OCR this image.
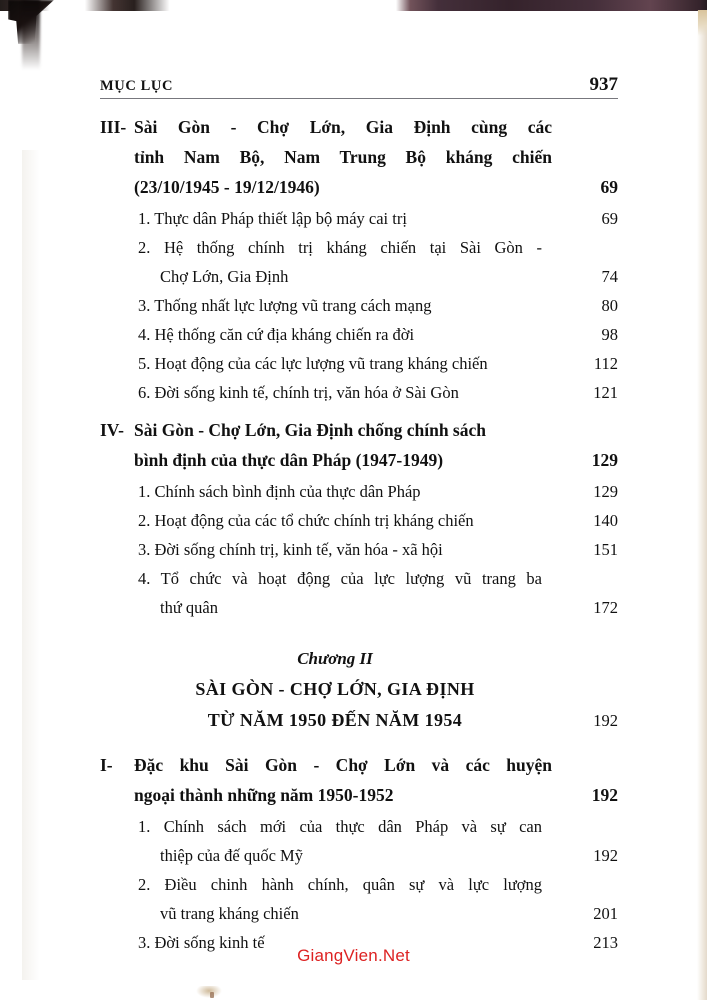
MỤC LỤC	937
III- Sài Gòn - Chợ Lớn, Gia Định cùng các
tỉnh Nam Bộ, Nam Trung Bộ kháng chiến
(23/10/1945 - 19/12/1946)	69
1. Thực dân Pháp thiết lập bộ máy cai trị	69
2. Hệ thống chính trị kháng chiến tại Sài Gòn -
Chợ Lớn, Gia Định	74
3. Thống nhất lực lượng vũ trang cách mạng	80
4. Hệ thống căn cứ địa kháng chiến ra đời	98
5. Hoạt động của các lực lượng vũ trang kháng chiến	112
6. Đời sống kinh tế, chính trị, văn hóa ở Sài Gòn	121
IV- Sài Gòn - Chợ Lớn, Gia Định chống chính sách
bình định của thực dân Pháp (1947-1949)	129
1. Chính sách bình định của thực dân Pháp	129
2. Hoạt động của các tổ chức chính trị kháng chiến	140
3. Đời sống chính trị, kinh tế, văn hóa - xã hội	151
4. Tổ chức và hoạt động của lực lượng vũ trang ba
thứ quân	172
Chương II
SÀI GÒN - CHỢ LỚN, GIA ĐỊNH
TỪ NĂM 1950 ĐẾN NĂM 1954	192
I-	Đặc khu Sài Gòn - Chợ Lớn và các huyện
ngoại thành những năm 1950-1952	192
1. Chính sách mới của thực dân Pháp và sự can
thiệp của đế quốc Mỹ	192
2. Điều chinh hành chính, quân sự và lực lượng
vũ trang kháng chiến	201
3. Đời sống kinh tế	213
GiangVien.Net
